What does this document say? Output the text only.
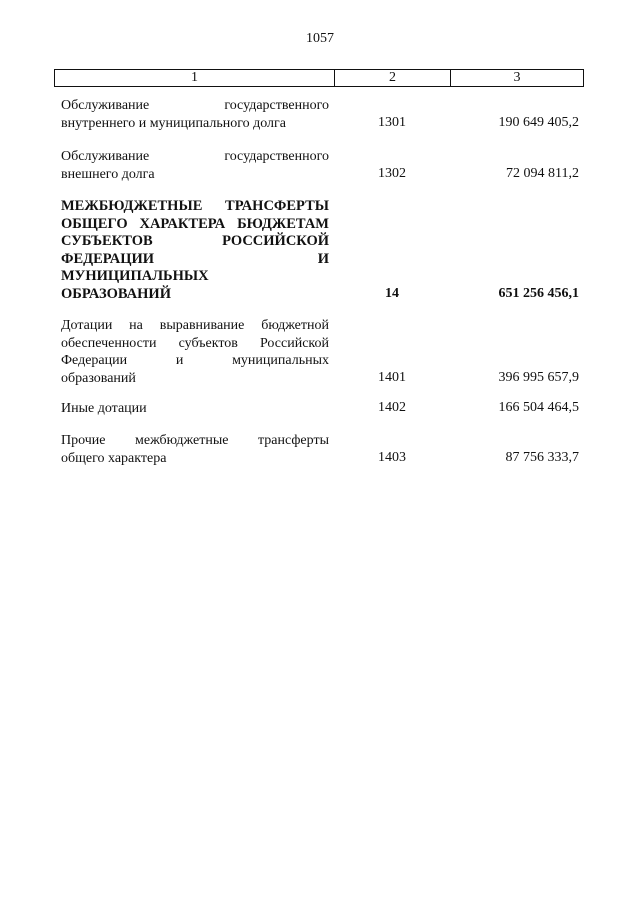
1057
1	2	3
Обслуживание государственного
внутреннего и муниципального долга	1301	190 649 405,2
Обслуживание государственного
внешнего долга	1302	72 094 811,2
МЕЖБЮДЖЕТНЫЕ ТРАНСФЕРТЫ
ОБЩЕГО ХАРАКТЕРА БЮДЖЕТАМ
СУБЪЕКТОВ РОССИЙСКОЙ
ФЕДЕРАЦИИ И
МУНИЦИПАЛЬНЫХ
ОБРАЗОВАНИЙ	14	651 256 456,1
Дотации на выравнивание бюджетной
обеспеченности субъектов Российской
Федерации и муниципальных
образований	1401	396 995 657,9
Иные дотации	1402	166 504 464,5
Прочие межбюджетные трансферты
общего характера	1403	87 756 333,7
